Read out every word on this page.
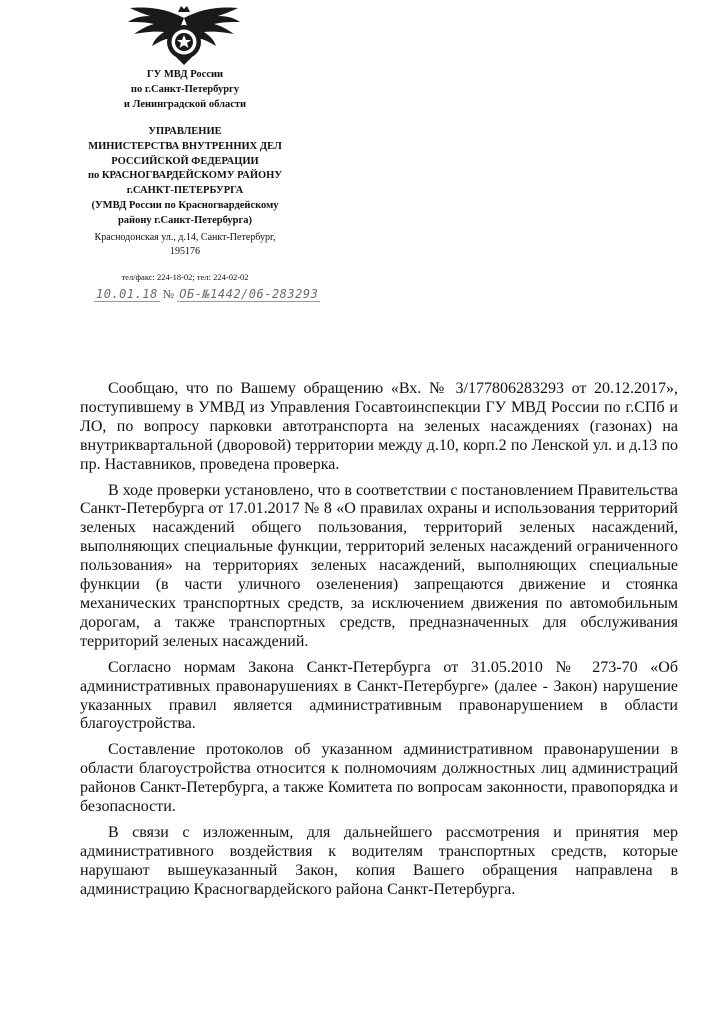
ГУ МВД России
по г.Санкт-Петербургу
и Ленинградской области
УПРАВЛЕНИЕ
МИНИСТЕРСТВА ВНУТРЕННИХ ДЕЛ
РОССИЙСКОЙ ФЕДЕРАЦИИ
по КРАСНОГВАРДЕЙСКОМУ РАЙОНУ
г.САНКТ-ПЕТЕРБУРГА
(УМВД России по Красногвардейскому
району г.Санкт-Петербурга)
Краснодонская ул., д.14, Санкт-Петербург,
195176
тел/факс: 224-18-02; тел: 224-02-02
10.01.18 № ОБ-№1442/06-283293

Сообщаю, что по Вашему обращению «Вх. № 3/177806283293 от 20.12.2017», поступившему в УМВД из Управления Госавтоинспекции ГУ МВД России по г.СПб и ЛО, по вопросу парковки автотранспорта на зеленых насаждениях (газонах) на внутриквартальной (дворовой) территории между д.10, корп.2 по Ленской ул. и д.13 по пр. Наставников, проведена проверка.

В ходе проверки установлено, что в соответствии с постановлением Правительства Санкт-Петербурга от 17.01.2017 № 8 «О правилах охраны и использования территорий зеленых насаждений общего пользования, территорий зеленых насаждений, выполняющих специальные функции, территорий зеленых насаждений ограниченного пользования» на территориях зеленых насаждений, выполняющих специальные функции (в части уличного озеленения) запрещаются движение и стоянка механических транспортных средств, за исключением движения по автомобильным дорогам, а также транспортных средств, предназначенных для обслуживания территорий зеленых насаждений.

Согласно нормам Закона Санкт-Петербурга от 31.05.2010 № 273-70 «Об административных правонарушениях в Санкт-Петербурге» (далее - Закон) нарушение указанных правил является административным правонарушением в области благоустройства.

Составление протоколов об указанном административном правонарушении в области благоустройства относится к полномочиям должностных лиц администраций районов Санкт-Петербурга, а также Комитета по вопросам законности, правопорядка и безопасности.

В связи с изложенным, для дальнейшего рассмотрения и принятия мер административного воздействия к водителям транспортных средств, которые нарушают вышеуказанный Закон, копия Вашего обращения направлена в администрацию Красногвардейского района Санкт-Петербурга.
